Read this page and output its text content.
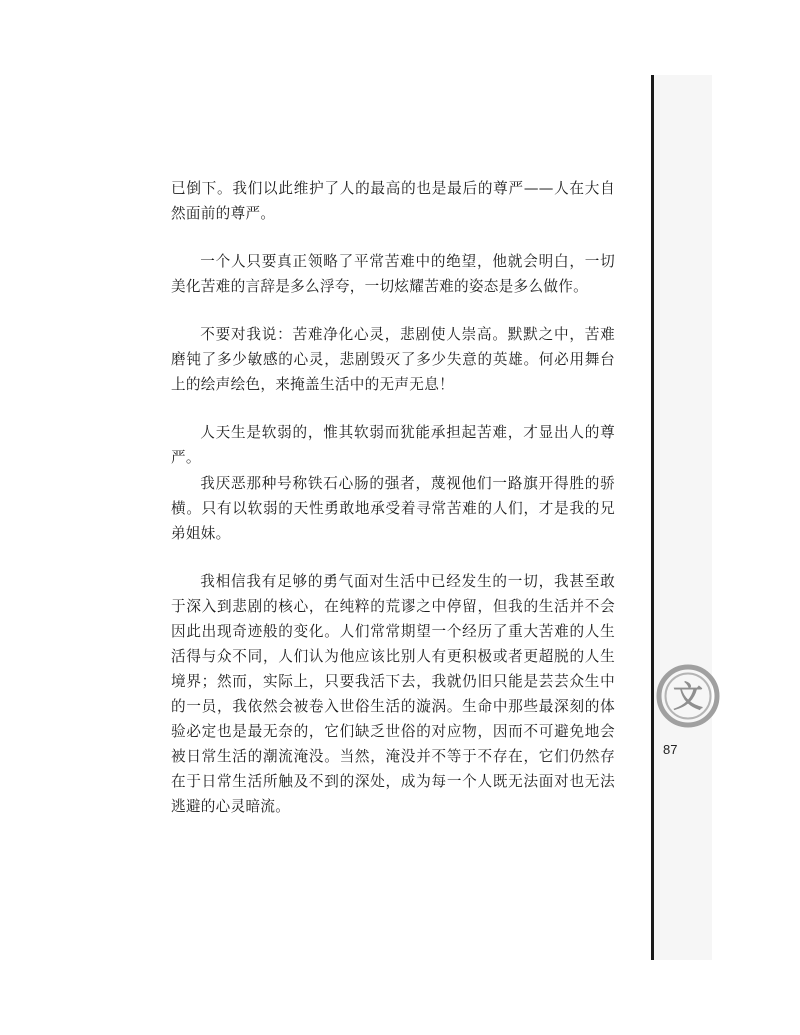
已倒下。我们以此维护了人的最高的也是最后的尊严——人在大自然面前的尊严。

一个人只要真正领略了平常苦难中的绝望，他就会明白，一切美化苦难的言辞是多么浮夸，一切炫耀苦难的姿态是多么做作。

不要对我说：苦难净化心灵，悲剧使人崇高。默默之中，苦难磨钝了多少敏感的心灵，悲剧毁灭了多少失意的英雄。何必用舞台上的绘声绘色，来掩盖生活中的无声无息！

人天生是软弱的，惟其软弱而犹能承担起苦难，才显出人的尊严。

我厌恶那种号称铁石心肠的强者，蔑视他们一路旗开得胜的骄横。只有以软弱的天性勇敢地承受着寻常苦难的人们，才是我的兄弟姐妹。

我相信我有足够的勇气面对生活中已经发生的一切，我甚至敢于深入到悲剧的核心，在纯粹的荒谬之中停留，但我的生活并不会因此出现奇迹般的变化。人们常常期望一个经历了重大苦难的人生活得与众不同，人们认为他应该比别人有更积极或者更超脱的人生境界；然而，实际上，只要我活下去，我就仍旧只能是芸芸众生中的一员，我依然会被卷入世俗生活的漩涡。生命中那些最深刻的体验必定也是最无奈的，它们缺乏世俗的对应物，因而不可避免地会被日常生活的潮流淹没。当然，淹没并不等于不存在，它们仍然存在于日常生活所触及不到的深处，成为每一个人既无法面对也无法逃避的心灵暗流。

文
87
